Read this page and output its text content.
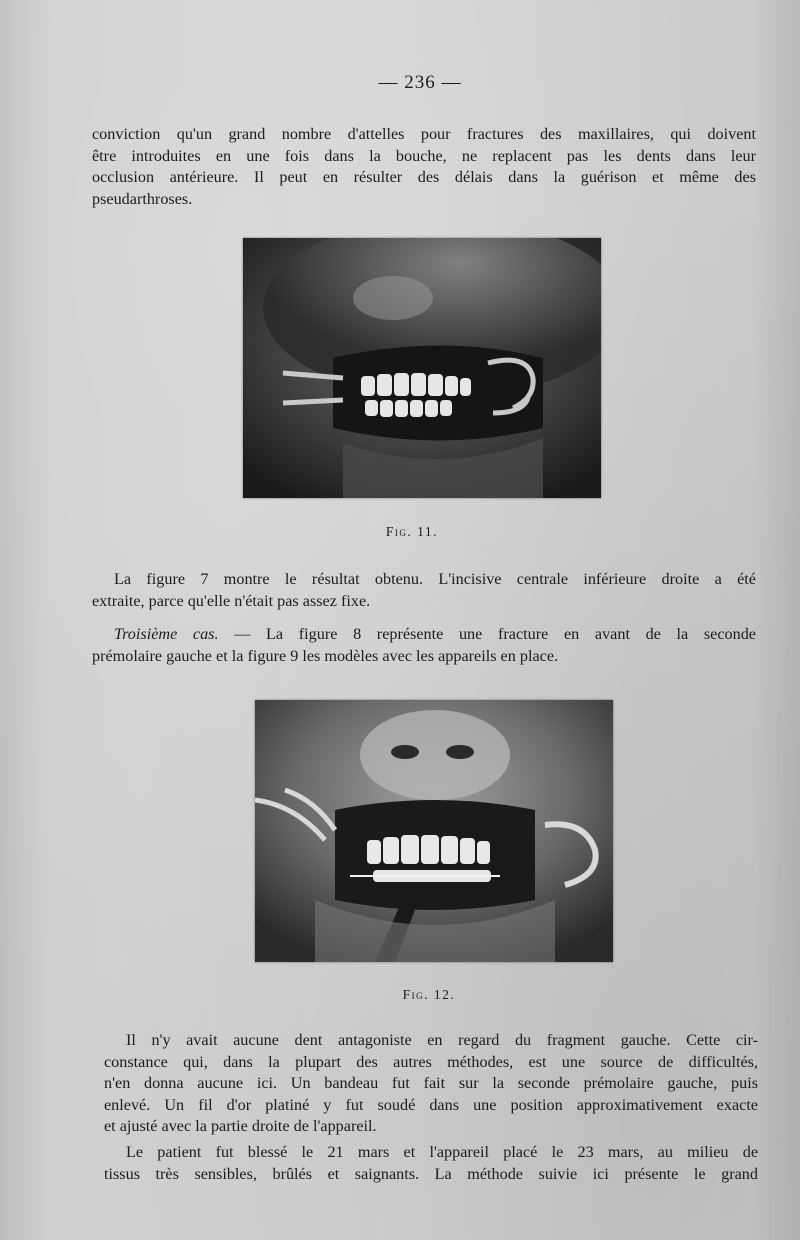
— 236 —
conviction qu'un grand nombre d'attelles pour fractures des maxillaires, qui doivent
être introduites en une fois dans la bouche, ne replacent pas les dents dans leur
occlusion antérieure. Il peut en résulter des délais dans la guérison et même des
pseudarthroses.
Fig. 11.
La figure 7 montre le résultat obtenu. L'incisive centrale inférieure droite a été
extraite, parce qu'elle n'était pas assez fixe.
Troisième cas. — La figure 8 représente une fracture en avant de la seconde
prémolaire gauche et la figure 9 les modèles avec les appareils en place.
Fig. 12.
Il n'y avait aucune dent antagoniste en regard du fragment gauche. Cette cir-
constance qui, dans la plupart des autres méthodes, est une source de difficultés,
n'en donna aucune ici. Un bandeau fut fait sur la seconde prémolaire gauche, puis
enlevé. Un fil d'or platiné y fut soudé dans une position approximativement exacte
et ajusté avec la partie droite de l'appareil.
Le patient fut blessé le 21 mars et l'appareil placé le 23 mars, au milieu de
tissus très sensibles, brûlés et saignants. La méthode suivie ici présente le grand
